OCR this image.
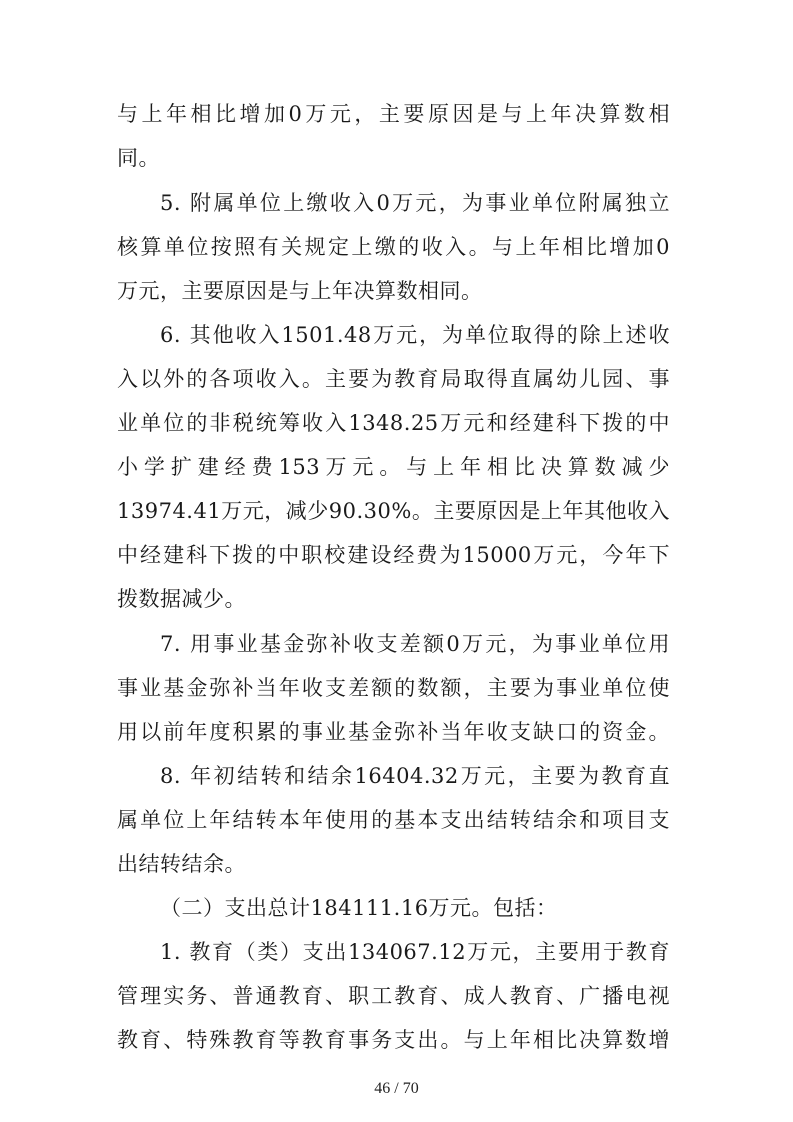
与上年相比增加0万元，主要原因是与上年决算数相
同。
5. 附属单位上缴收入0万元，为事业单位附属独立
核算单位按照有关规定上缴的收入。与上年相比增加0
万元，主要原因是与上年决算数相同。
6. 其他收入1501.48万元，为单位取得的除上述收
入以外的各项收入。主要为教育局取得直属幼儿园、事
业单位的非税统筹收入1348.25万元和经建科下拨的中
小学扩建经费153万元。与上年相比决算数减少
13974.41万元，减少90.30%。主要原因是上年其他收入
中经建科下拨的中职校建设经费为15000万元，今年下
拨数据减少。
7. 用事业基金弥补收支差额0万元，为事业单位用
事业基金弥补当年收支差额的数额，主要为事业单位使
用以前年度积累的事业基金弥补当年收支缺口的资金。
8. 年初结转和结余16404.32万元，主要为教育直
属单位上年结转本年使用的基本支出结转结余和项目支
出结转结余。
（二）支出总计184111.16万元。包括：
1. 教育（类）支出134067.12万元，主要用于教育
管理实务、普通教育、职工教育、成人教育、广播电视
教育、特殊教育等教育事务支出。与上年相比决算数增
46 / 70
